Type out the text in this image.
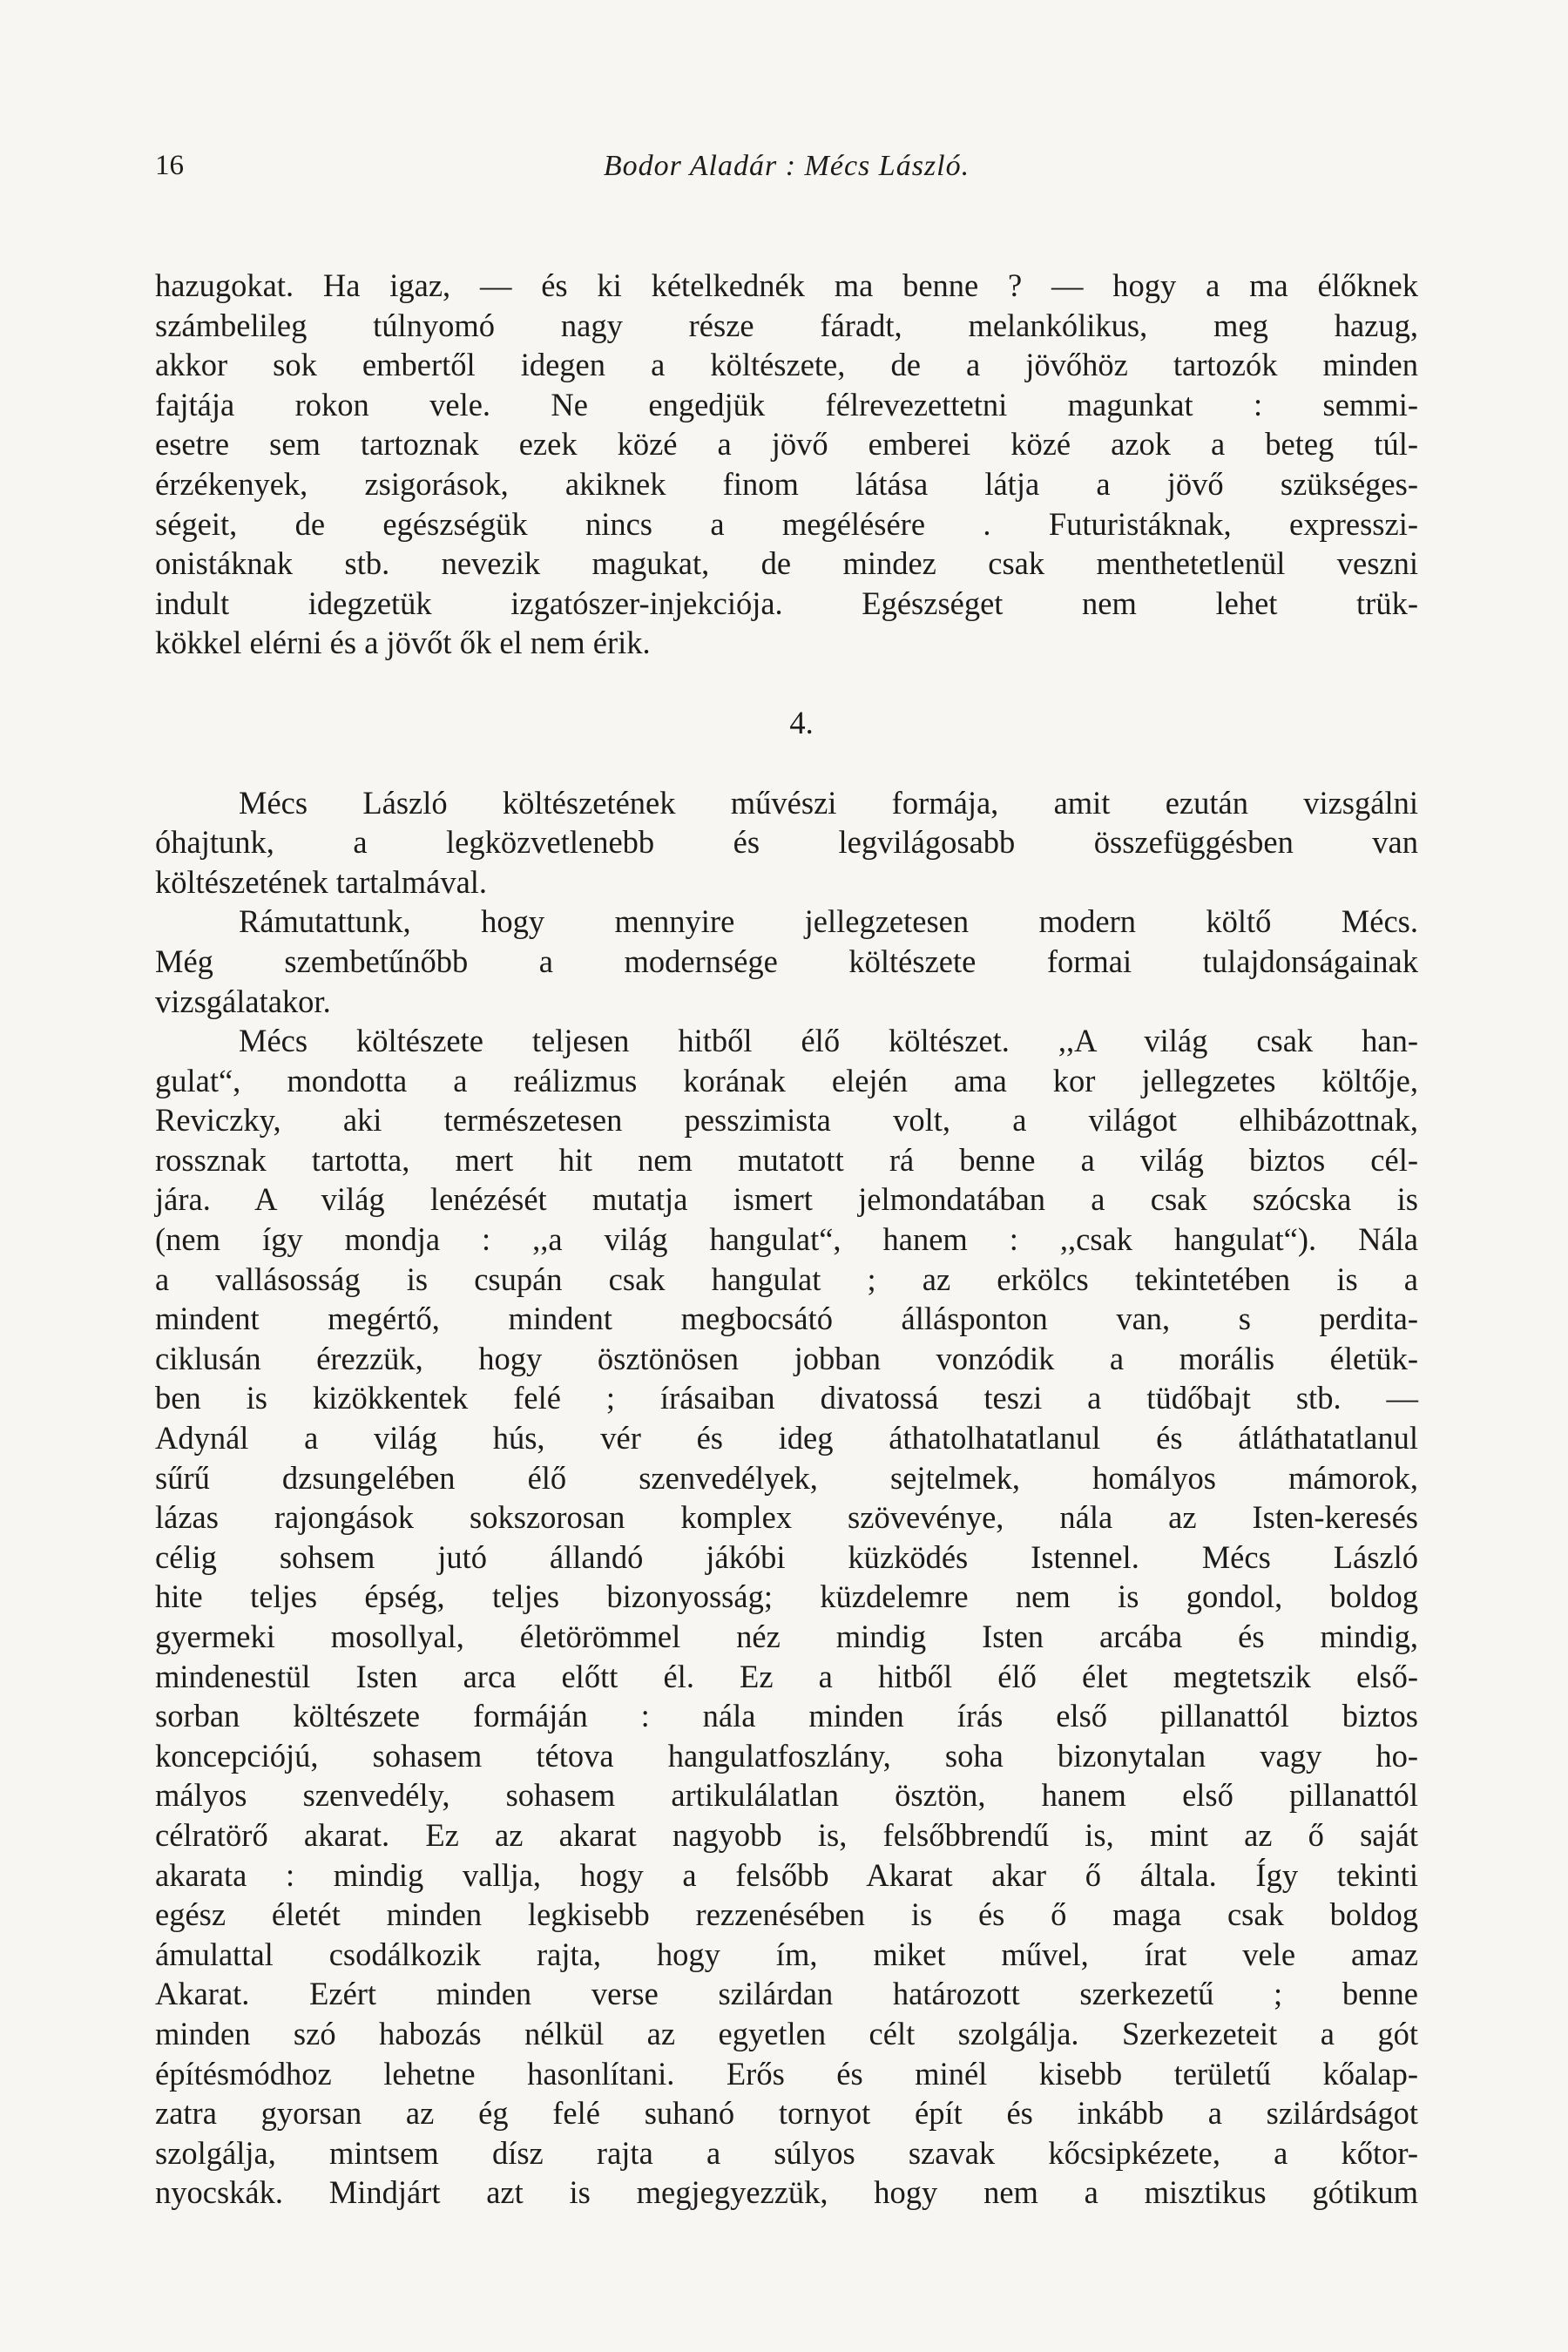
16	Bodor Aladár : Mécs László.
hazugokat. Ha igaz, — és ki kételkednék ma benne ? — hogy a ma élőknek
számbelileg túlnyomó nagy része fáradt, melankólikus, meg hazug,
akkor sok embertől idegen a költészete, de a jövőhöz tartozók minden
fajtája rokon vele. Ne engedjük félrevezettetni magunkat : semmi-
esetre sem tartoznak ezek közé a jövő emberei közé azok a beteg túl-
érzékenyek, zsigorások, akiknek finom látása látja a jövő szükséges-
ségeit, de egészségük nincs a megélésére . Futuristáknak, expresszi-
onistáknak stb. nevezik magukat, de mindez csak menthetetlenül veszni
indult idegzetük izgatószer-injekciója. Egészséget nem lehet trük-
kökkel elérni és a jövőt ők el nem érik.
4.
Mécs László költészetének művészi formája, amit ezután vizsgálni
óhajtunk, a legközvetlenebb és legvilágosabb összefüggésben van
költészetének tartalmával.
Rámutattunk, hogy mennyire jellegzetesen modern költő Mécs.
Még szembetűnőbb a modernsége költészete formai tulajdonságainak
vizsgálatakor.
Mécs költészete teljesen hitből élő költészet. ,,A világ csak han-
gulat“, mondotta a reálizmus korának elején ama kor jellegzetes költője,
Reviczky, aki természetesen pesszimista volt, a világot elhibázottnak,
rossznak tartotta, mert hit nem mutatott rá benne a világ biztos cél-
jára. A világ lenézését mutatja ismert jelmondatában a csak szócska is
(nem így mondja : ,,a világ hangulat“, hanem : ,,csak hangulat“). Nála
a vallásosság is csupán csak hangulat ; az erkölcs tekintetében is a
mindent megértő, mindent megbocsátó állásponton van, s perdita-
ciklusán érezzük, hogy ösztönösen jobban vonzódik a morális életük-
ben is kizökkentek felé ; írásaiban divatossá teszi a tüdőbajt stb. —
Adynál a világ hús, vér és ideg áthatolhatatlanul és átláthatatlanul
sűrű dzsungelében élő szenvedélyek, sejtelmek, homályos mámorok,
lázas rajongások sokszorosan komplex szövevénye, nála az Isten-keresés
célig sohsem jutó állandó jákóbi küzködés Istennel. Mécs László
hite teljes épség, teljes bizonyosság; küzdelemre nem is gondol, boldog
gyermeki mosollyal, életörömmel néz mindig Isten arcába és mindig,
mindenestül Isten arca előtt él. Ez a hitből élő élet megtetszik első-
sorban költészete formáján : nála minden írás első pillanattól biztos
koncepciójú, sohasem tétova hangulatfoszlány, soha bizonytalan vagy ho-
mályos szenvedély, sohasem artikulálatlan ösztön, hanem első pillanattól
célratörő akarat. Ez az akarat nagyobb is, felsőbbrendű is, mint az ő saját
akarata : mindig vallja, hogy a felsőbb Akarat akar ő általa. Így tekinti
egész életét minden legkisebb rezzenésében is és ő maga csak boldog
ámulattal csodálkozik rajta, hogy ím, miket művel, írat vele amaz
Akarat. Ezért minden verse szilárdan határozott szerkezetű ; benne
minden szó habozás nélkül az egyetlen célt szolgálja. Szerkezeteit a gót
építésmódhoz lehetne hasonlítani. Erős és minél kisebb területű kőalap-
zatra gyorsan az ég felé suhanó tornyot épít és inkább a szilárdságot
szolgálja, mintsem dísz rajta a súlyos szavak kőcsipkézete, a kőtor-
nyocskák. Mindjárt azt is megjegyezzük, hogy nem a misztikus gótikum
